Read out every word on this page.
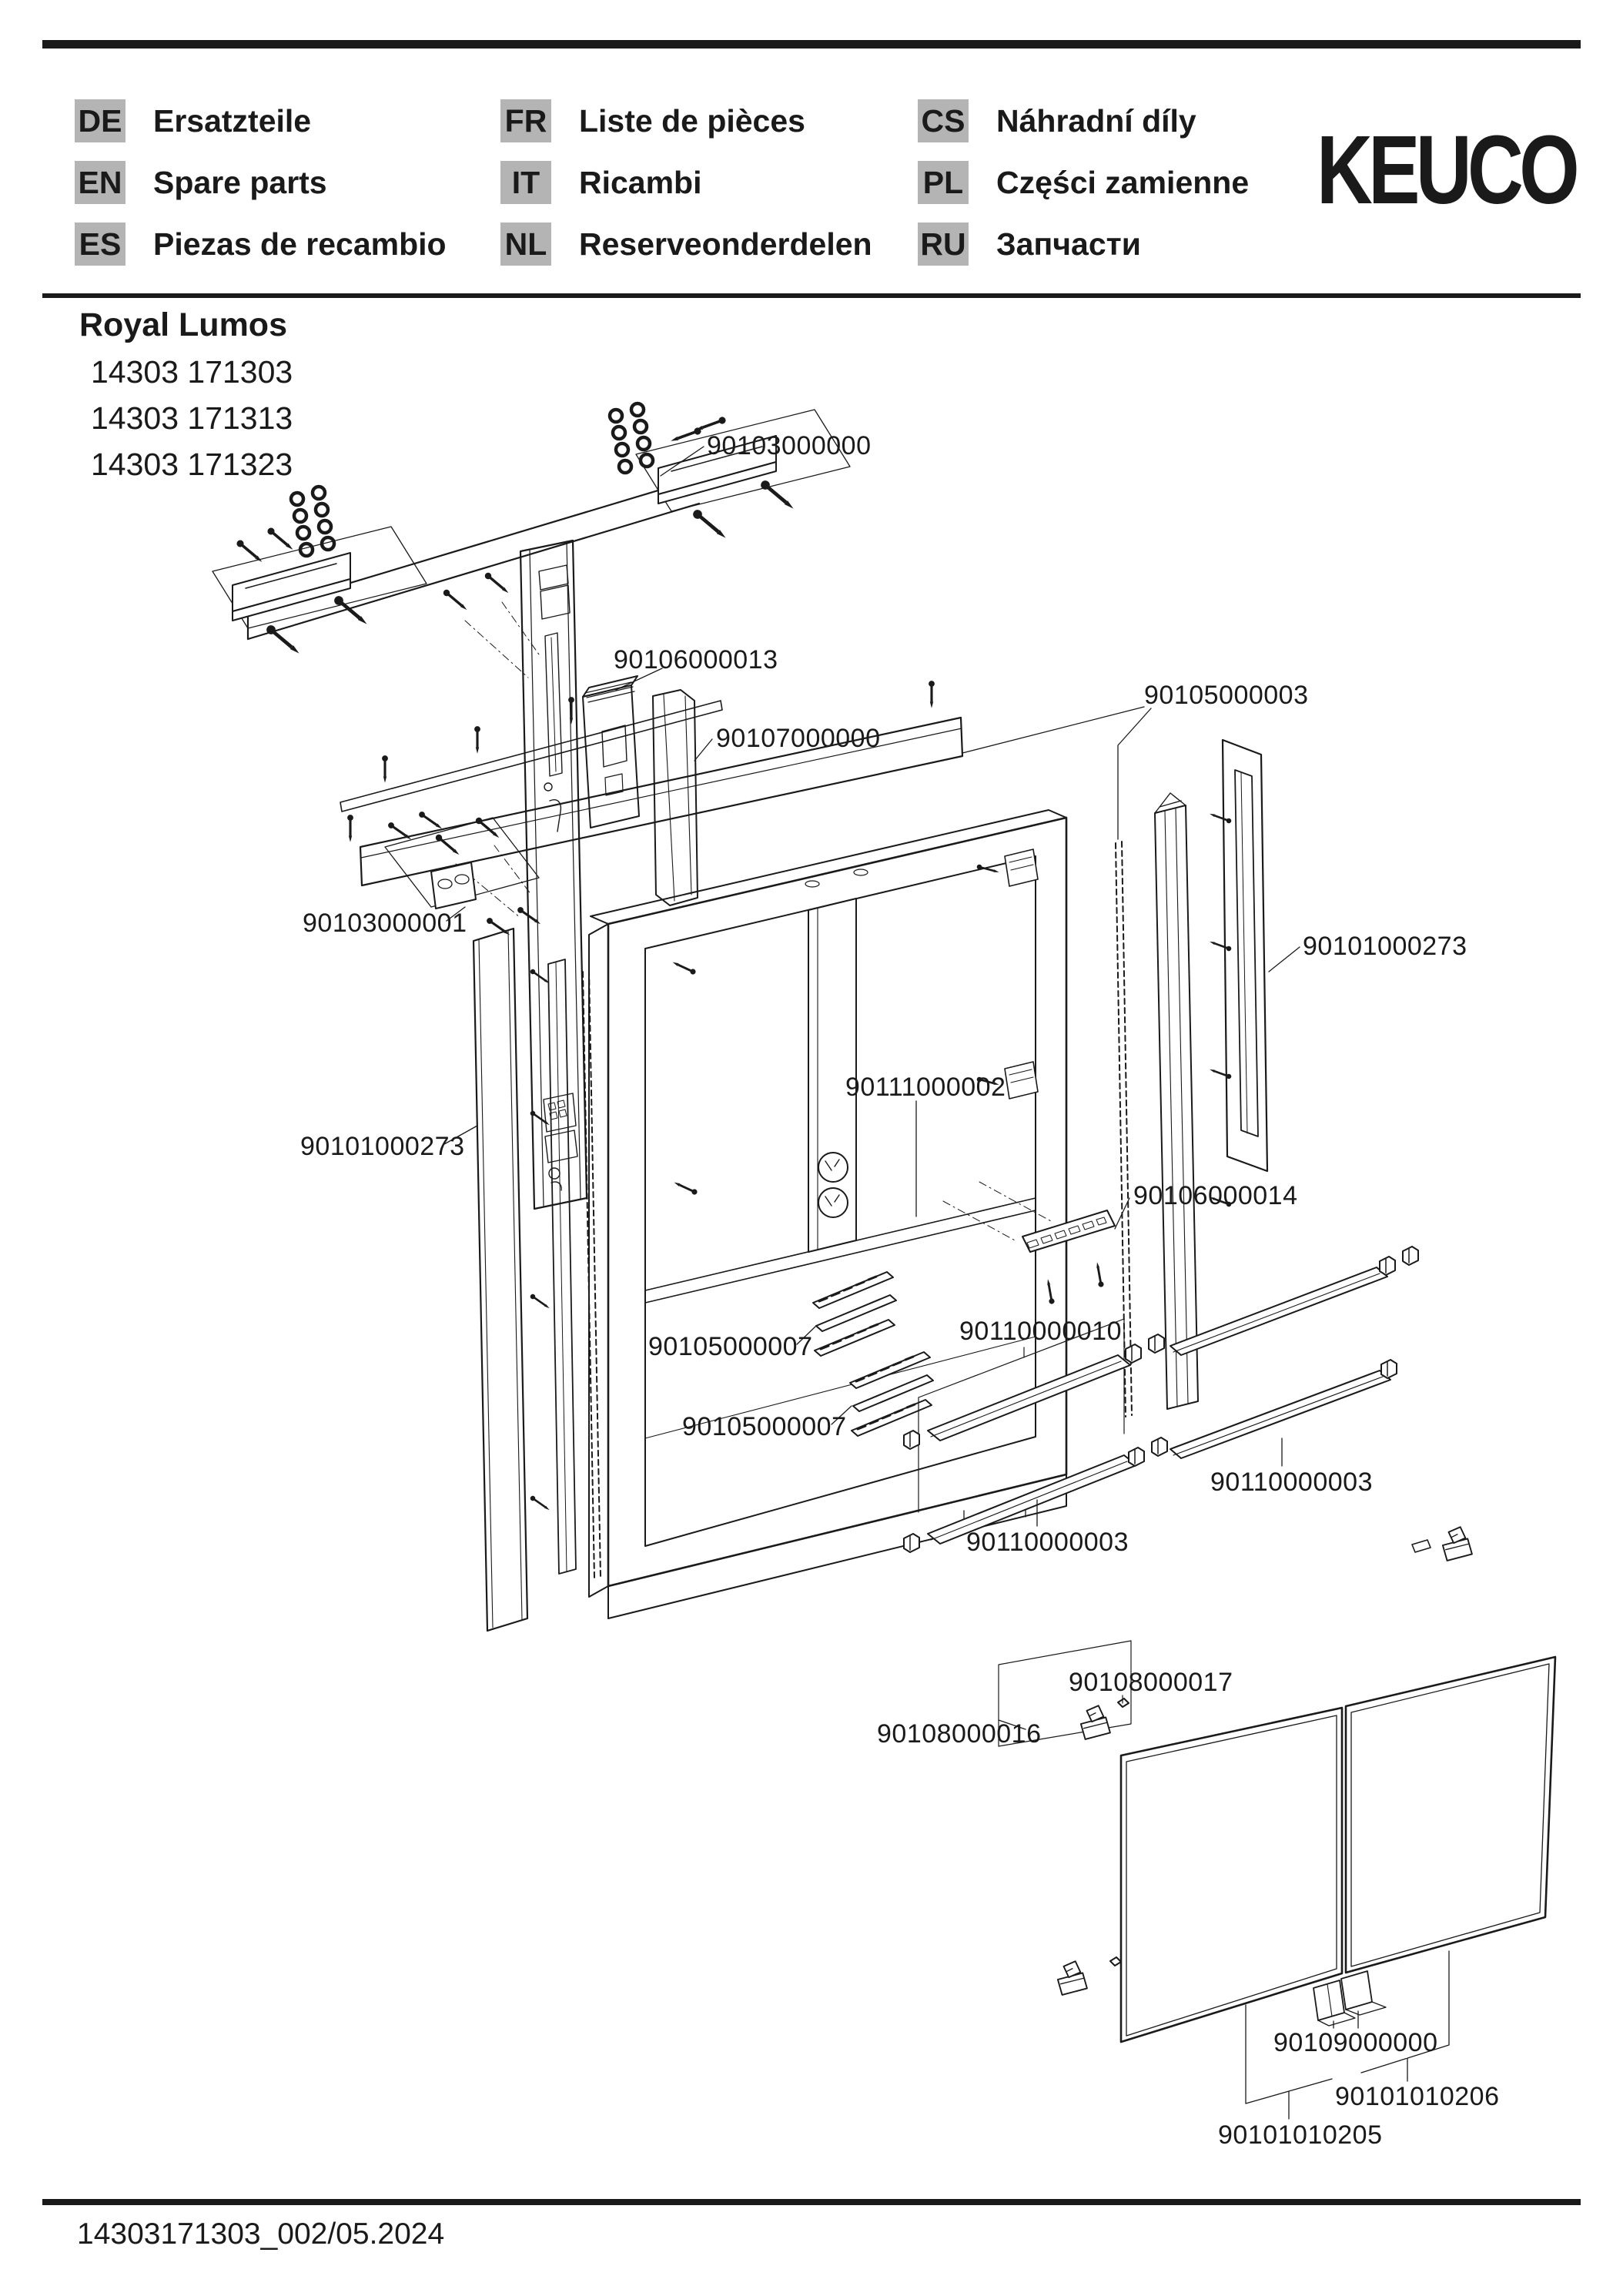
DE Ersatzteile
EN Spare parts
ES Piezas de recambio
FR Liste de pièces
IT	Ricambi
NL Reserveonderdelen
CS Náhradní díly
PL Części zamienne
RU Запчасти
KEUCO
Royal Lumos
14303 171303
14303 171313
14303 171323
90103000000
90106000013
90107000000
90105000003
90101000273
90103000001
90111000002
90101000273
90106000014
90105000007
90110000010
90105000007
90110000003
90110000003
90108000017
90108000016
90109000000
90101010206
90101010205
14303171303_002/05.2024
